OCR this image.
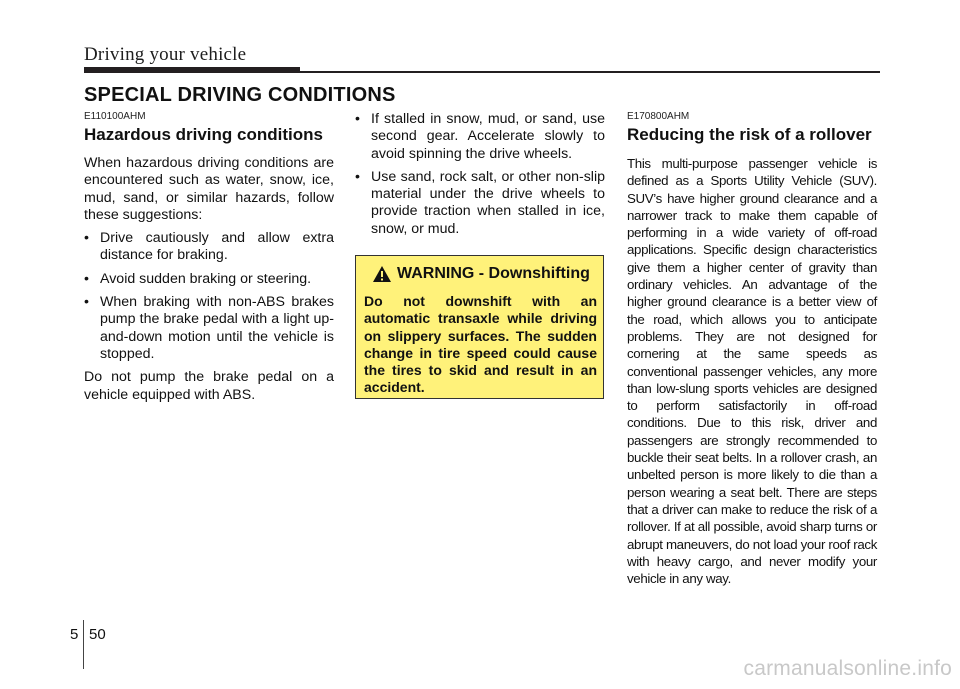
Driving your vehicle
SPECIAL DRIVING CONDITIONS
E110100AHM
Hazardous driving conditions

When hazardous driving conditions are encountered such as water, snow, ice, mud, sand, or similar hazards, follow these suggestions:

• Drive cautiously and allow extra distance for braking.
• Avoid sudden braking or steering.
• When braking with non-ABS brakes pump the brake pedal with a light up-and-down motion until the vehicle is stopped.

Do not pump the brake pedal on a vehicle equipped with ABS.

• If stalled in snow, mud, or sand, use second gear. Accelerate slowly to avoid spinning the drive wheels.
• Use sand, rock salt, or other non-slip material under the drive wheels to provide traction when stalled in ice, snow, or mud.
WARNING - Downshifting
Do not downshift with an automatic transaxle while driving on slippery surfaces. The sudden change in tire speed could cause the tires to skid and result in an accident.
E170800AHM
Reducing the risk of a rollover

This multi-purpose passenger vehicle is defined as a Sports Utility Vehicle (SUV). SUV’s have higher ground clearance and a narrower track to make them capable of performing in a wide variety of off-road applications. Specific design characteristics give them a higher center of gravity than ordinary vehicles. An advantage of the higher ground clearance is a better view of the road, which allows you to anticipate problems. They are not designed for cornering at the same speeds as conventional passenger vehicles, any more than low-slung sports vehicles are designed to perform satisfactorily in off-road conditions. Due to this risk, driver and passengers are strongly recommended to buckle their seat belts. In a rollover crash, an unbelted person is more likely to die than a person wearing a seat belt. There are steps that a driver can make to reduce the risk of a rollover. If at all possible, avoid sharp turns or abrupt maneuvers, do not load your roof rack with heavy cargo, and never modify your vehicle in any way.

5 50
carmanualsonline.info
